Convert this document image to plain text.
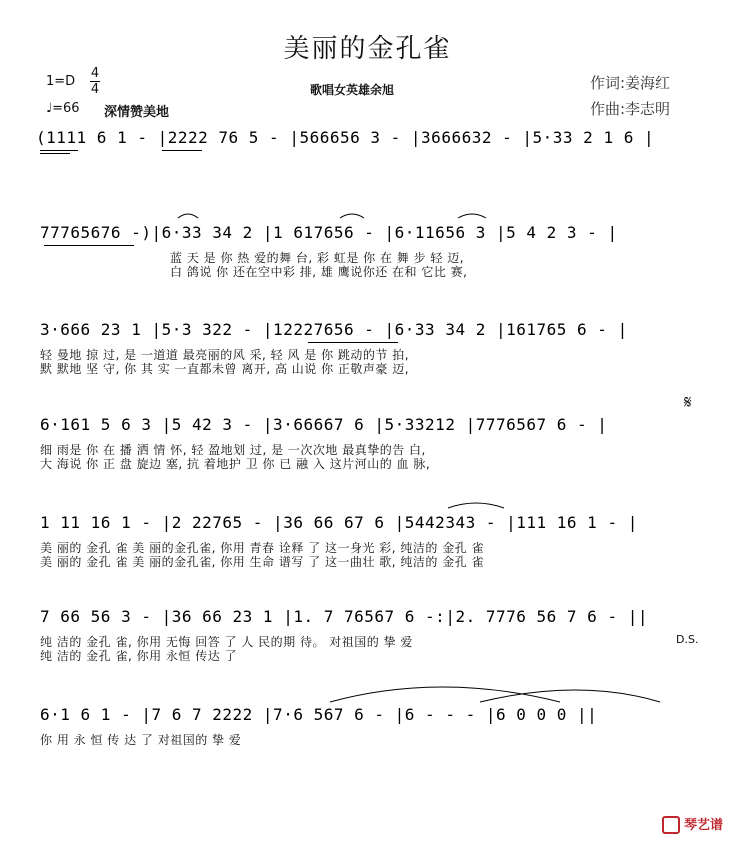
美丽的金孔雀
1=D
4
4
♩=66 深情赞美地
歌唱女英雄余旭	作词:姜海红
作曲:李志明
(1111 6 1 - |2222 76 5 - |566656 3 - |3666632 - |5·33 2 1 6 |
77765676 -)|6·33 34 2 |1 617656 - |6·11656 3 |5 4 2 3 - |
蓝 天 是 你 热 爱的舞 台, 彩 虹是 你 在 舞 步 轻 迈,
白 鸽说 你 还在空中彩 排, 雄 鹰说你还 在和 它比 赛,
3·666 23 1 |5·3 322 - |12227656 - |6·33 34 2 |161765 6 - |
轻 曼地 掠 过, 是 一道道 最亮丽的风 采, 轻 风 是 你 跳动的节 拍,
默 默地 坚 守, 你 其 实 一直都未曾 离开, 高 山说 你 正敬声豪 迈,
6·161 5 6 3 |5 42 3 - |3·66667 6 |5·33212 |7776567 6 - |
细 雨是 你 在 播 洒 情 怀, 轻 盈地划 过, 是 一次次地 最真挚的告 白,
大 海说 你 正 盘 旋边 塞, 抗 着地护 卫 你 已 融 入 这片河山的 血 脉,
𝄋
1 11 16 1 - |2 22765 - |36 66 67 6 |5442343 - |111 16 1 - |
美 丽的 金孔 雀 美 丽的金孔雀, 你用 青春 诠释 了 这一身光 彩, 纯洁的 金孔 雀
美 丽的 金孔 雀 美 丽的金孔雀, 你用 生命 谱写 了 这一曲壮 歌, 纯洁的 金孔 雀
7 66 56 3 - |36 66 23 1 |1. 7 76567 6 -:|2. 7776 56 7 6 - ||
纯 洁的 金孔 雀, 你用 无悔 回答 了 人 民的期 待。 对祖国的 挚 爱
纯 洁的 金孔 雀, 你用 永恒 传达 了
D.S.
6·1 6 1 - |7 6 7 2222 |7·6 567 6 - |6 - - - |6 0 0 0 ||
你 用 永 恒 传 达 了 对祖国的 挚 爱
琴艺谱
